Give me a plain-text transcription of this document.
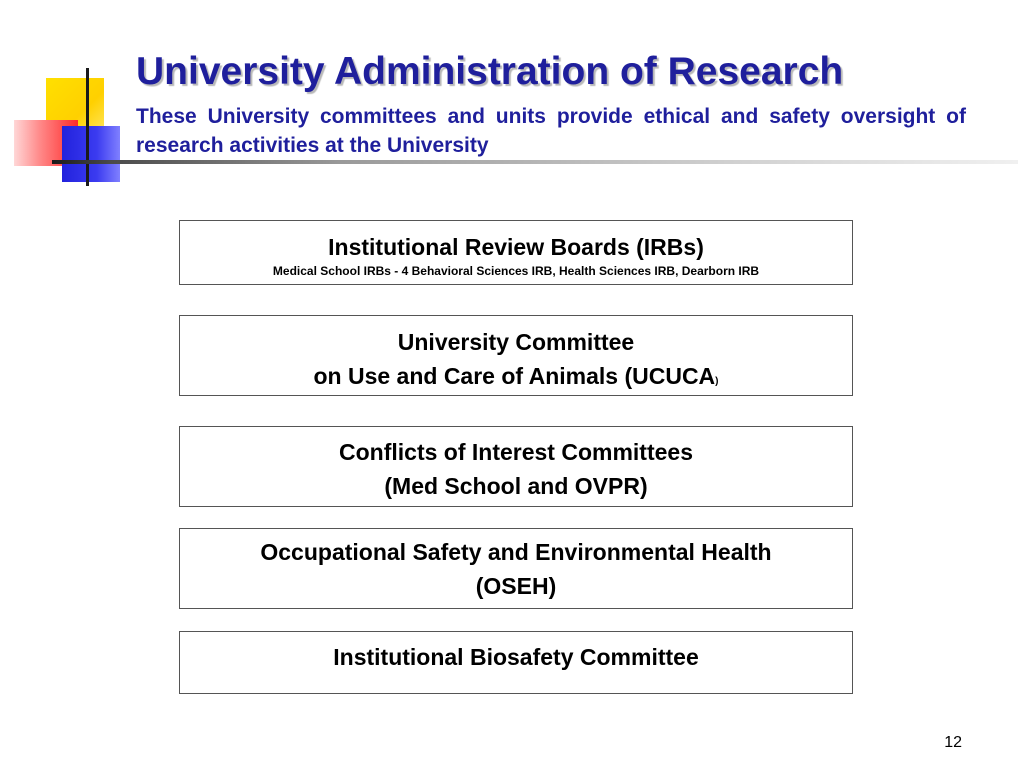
University Administration of Research

These University committees and units provide ethical and safety oversight of research activities at the University

Institutional Review Boards (IRBs)
Medical School IRBs - 4 Behavioral Sciences IRB, Health Sciences IRB, Dearborn IRB
University Committee
on Use and Care of Animals (UCUCA)
Conflicts of Interest Committees
(Med School and OVPR)
Occupational Safety and Environmental Health
(OSEH)
Institutional Biosafety Committee
12
